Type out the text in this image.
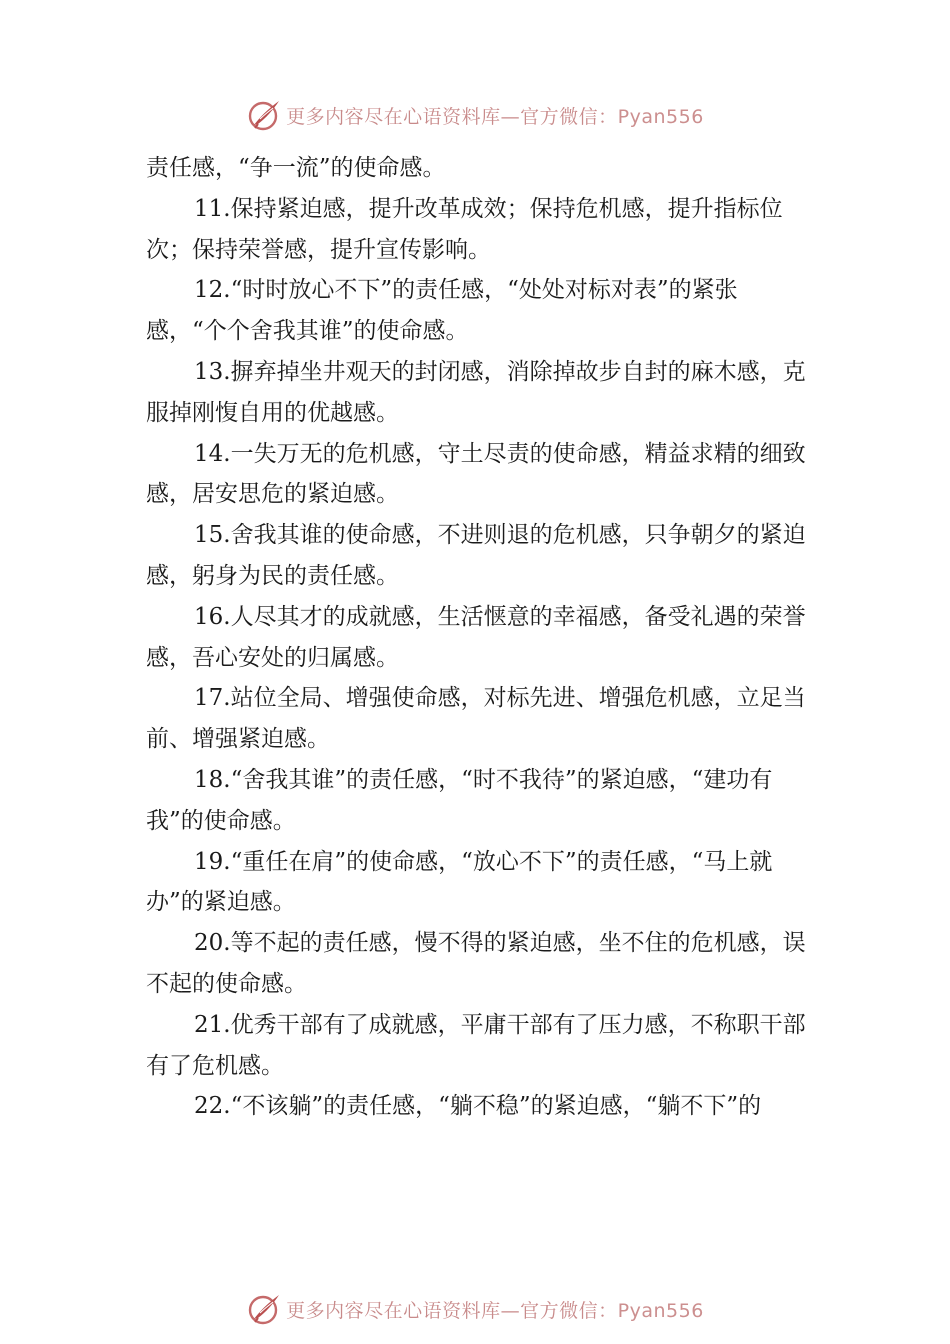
更多内容尽在心语资料库—官方微信：Pyan556

责任感，“争一流”的使命感。

11.保持紧迫感，提升改革成效；保持危机感，提升指标位次；保持荣誉感，提升宣传影响。

12.“时时放心不下”的责任感，“处处对标对表”的紧张感，“个个舍我其谁”的使命感。

13.摒弃掉坐井观天的封闭感，消除掉故步自封的麻木感，克服掉刚愎自用的优越感。

14.一失万无的危机感，守土尽责的使命感，精益求精的细致感，居安思危的紧迫感。

15.舍我其谁的使命感，不进则退的危机感，只争朝夕的紧迫感，躬身为民的责任感。

16.人尽其才的成就感，生活惬意的幸福感，备受礼遇的荣誉感，吾心安处的归属感。

17.站位全局、增强使命感，对标先进、增强危机感，立足当前、增强紧迫感。

18.“舍我其谁”的责任感，“时不我待”的紧迫感，“建功有我”的使命感。

19.“重任在肩”的使命感，“放心不下”的责任感，“马上就办”的紧迫感。

20.等不起的责任感，慢不得的紧迫感，坐不住的危机感，误不起的使命感。

21.优秀干部有了成就感，平庸干部有了压力感，不称职干部有了危机感。

22.“不该躺”的责任感，“躺不稳”的紧迫感，“躺不下”的

更多内容尽在心语资料库—官方微信：Pyan556
